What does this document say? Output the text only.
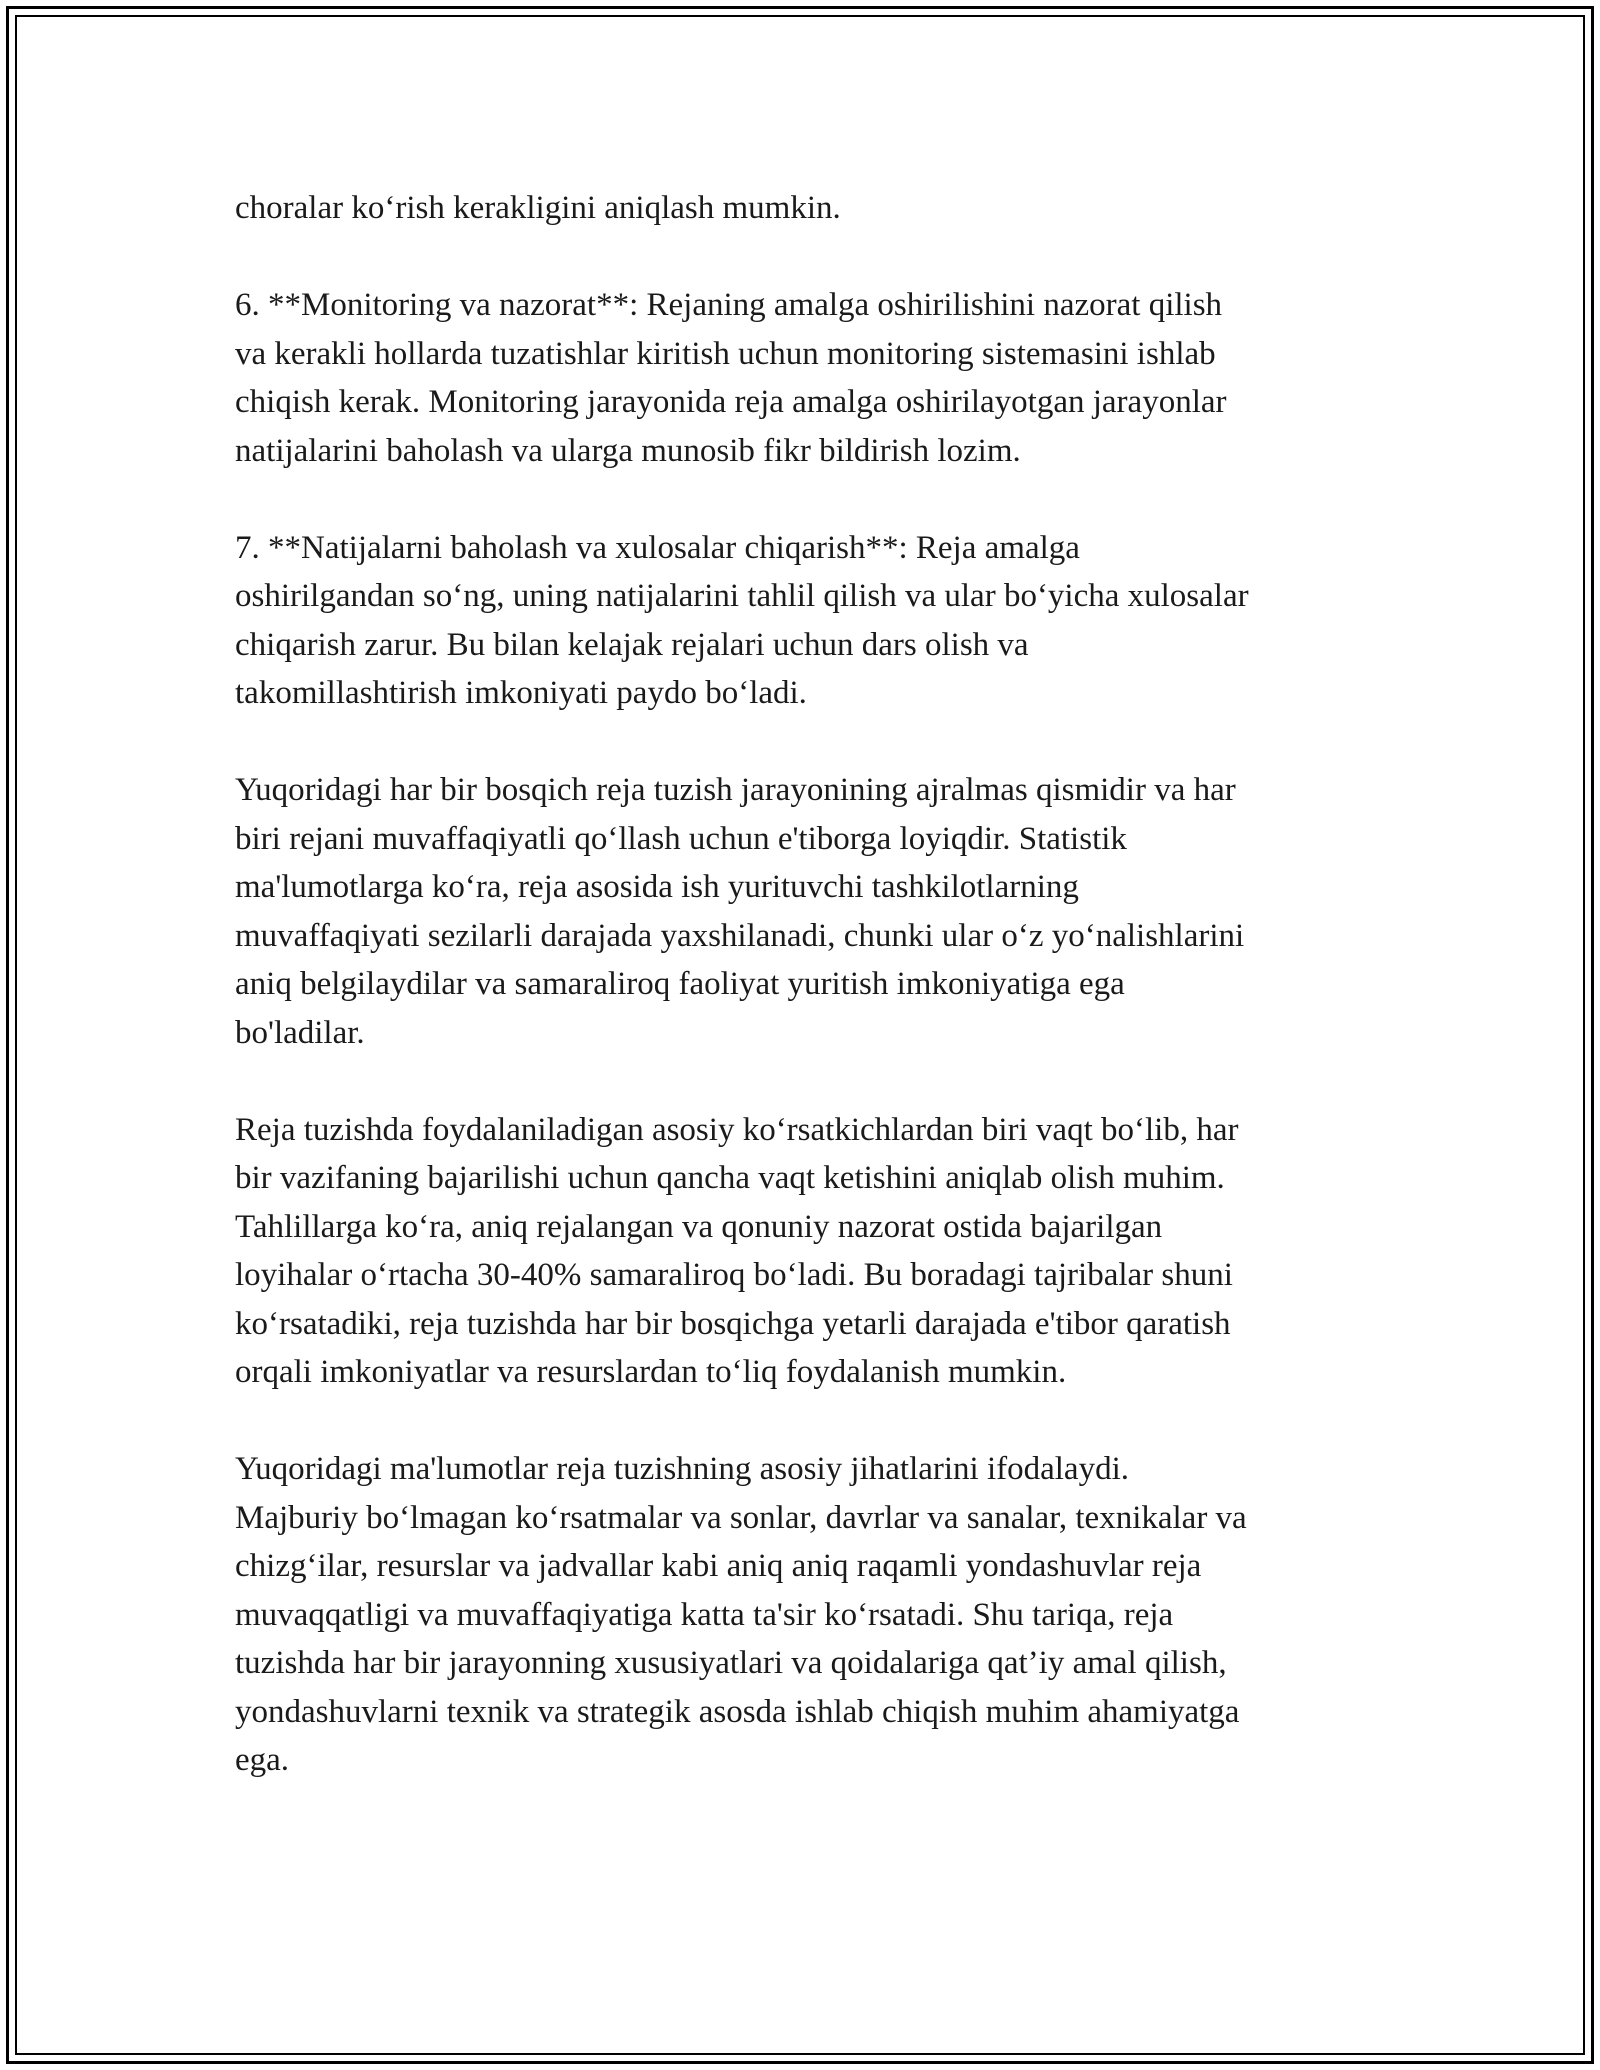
choralar ko‘rish kerakligini aniqlash mumkin.

6. **Monitoring va nazorat**: Rejaning amalga oshirilishini nazorat qilish
va kerakli hollarda tuzatishlar kiritish uchun monitoring sistemasini ishlab
chiqish kerak. Monitoring jarayonida reja amalga oshirilayotgan jarayonlar
natijalarini baholash va ularga munosib fikr bildirish lozim.

7. **Natijalarni baholash va xulosalar chiqarish**: Reja amalga
oshirilgandan so‘ng, uning natijalarini tahlil qilish va ular bo‘yicha xulosalar
chiqarish zarur. Bu bilan kelajak rejalari uchun dars olish va
takomillashtirish imkoniyati paydo bo‘ladi.

Yuqoridagi har bir bosqich reja tuzish jarayonining ajralmas qismidir va har
biri rejani muvaffaqiyatli qo‘llash uchun e'tiborga loyiqdir. Statistik
ma'lumotlarga ko‘ra, reja asosida ish yurituvchi tashkilotlarning
muvaffaqiyati sezilarli darajada yaxshilanadi, chunki ular o‘z yo‘nalishlarini
aniq belgilaydilar va samaraliroq faoliyat yuritish imkoniyatiga ega
bo'ladilar.

Reja tuzishda foydalaniladigan asosiy ko‘rsatkichlardan biri vaqt bo‘lib, har
bir vazifaning bajarilishi uchun qancha vaqt ketishini aniqlab olish muhim.
Tahlillarga ko‘ra, aniq rejalangan va qonuniy nazorat ostida bajarilgan
loyihalar o‘rtacha 30-40% samaraliroq bo‘ladi. Bu boradagi tajribalar shuni
ko‘rsatadiki, reja tuzishda har bir bosqichga yetarli darajada e'tibor qaratish
orqali imkoniyatlar va resurslardan to‘liq foydalanish mumkin.

Yuqoridagi ma'lumotlar reja tuzishning asosiy jihatlarini ifodalaydi.
Majburiy bo‘lmagan ko‘rsatmalar va sonlar, davrlar va sanalar, texnikalar va
chizg‘ilar, resurslar va jadvallar kabi aniq aniq raqamli yondashuvlar reja
muvaqqatligi va muvaffaqiyatiga katta ta'sir ko‘rsatadi. Shu tariqa, reja
tuzishda har bir jarayonning xususiyatlari va qoidalariga qat’iy amal qilish,
yondashuvlarni texnik va strategik asosda ishlab chiqish muhim ahamiyatga
ega.
